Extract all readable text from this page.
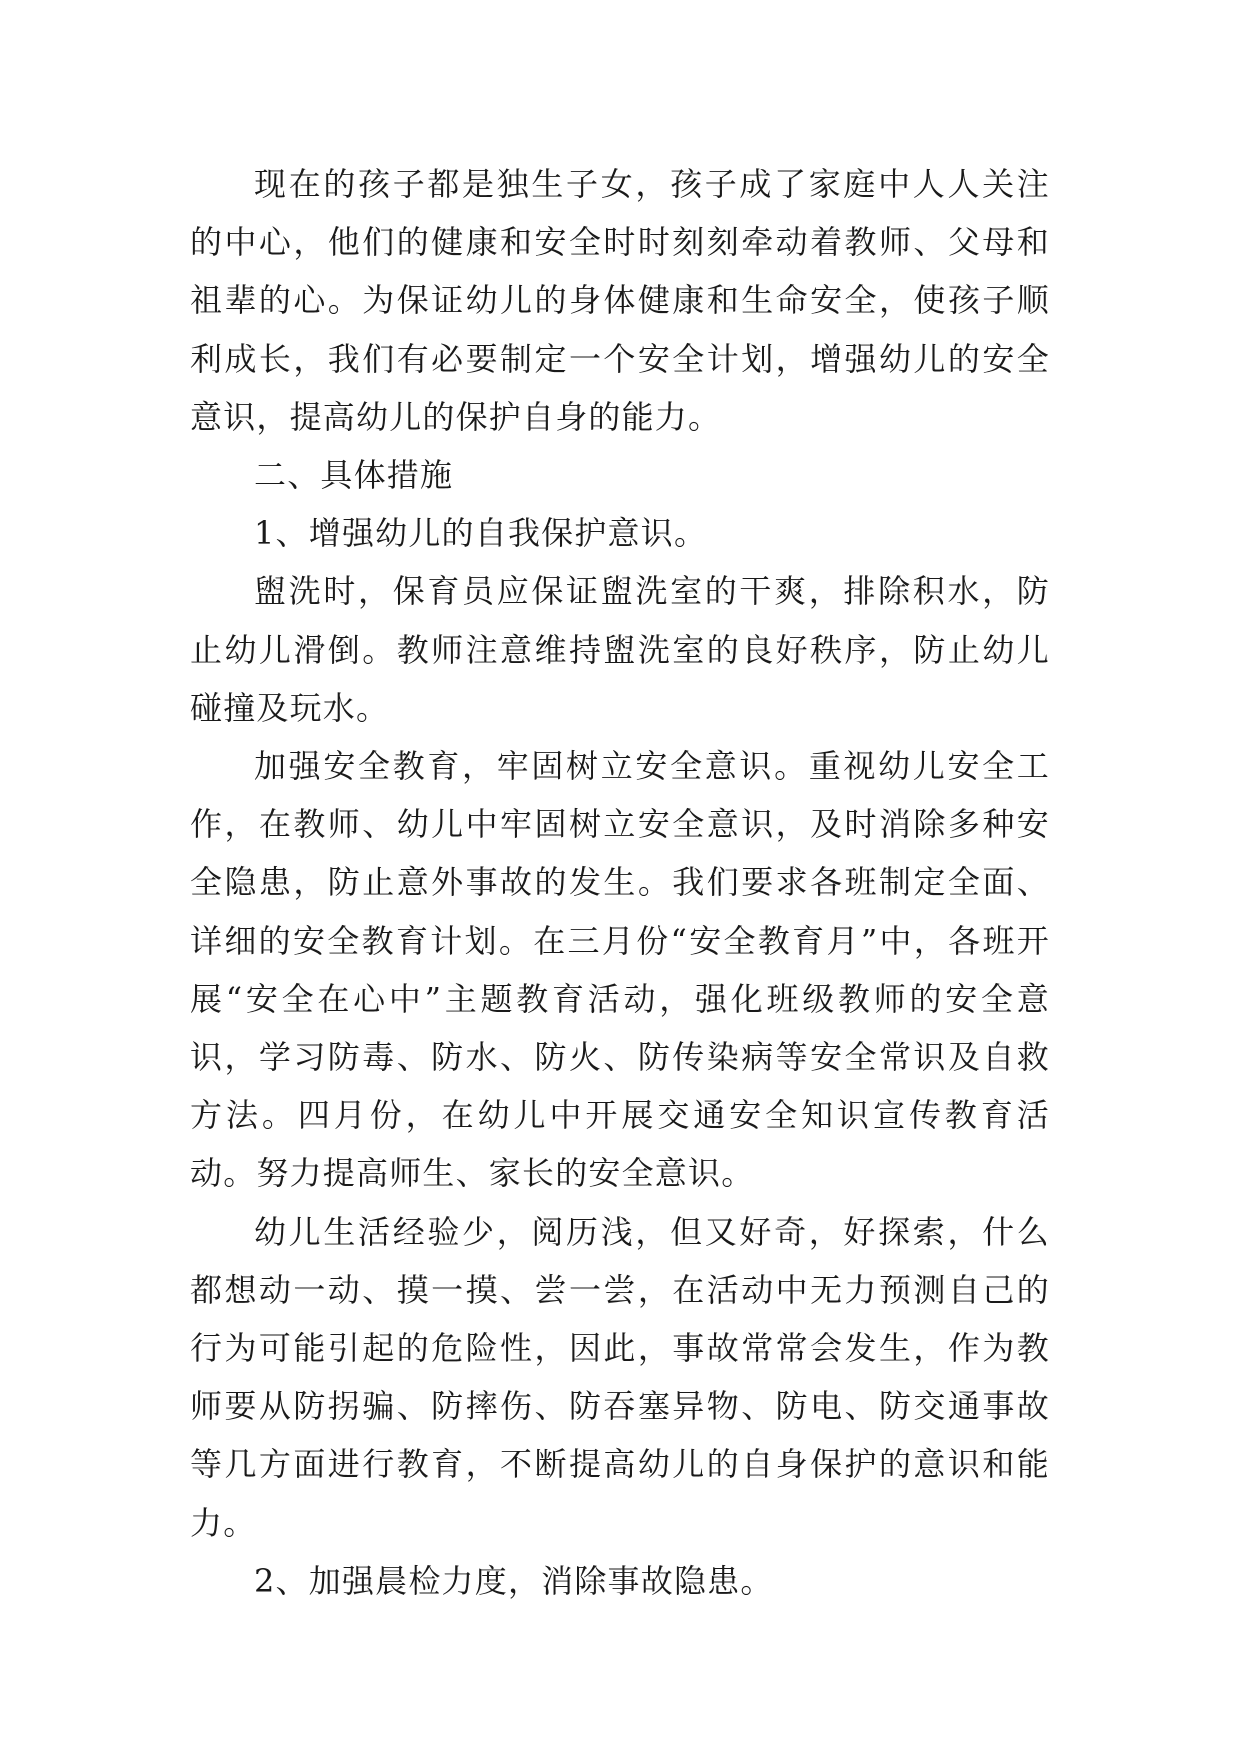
现在的孩子都是独生子女，孩子成了家庭中人人关注的中心，他们的健康和安全时时刻刻牵动着教师、父母和祖辈的心。为保证幼儿的身体健康和生命安全，使孩子顺利成长，我们有必要制定一个安全计划，增强幼儿的安全意识，提高幼儿的保护自身的能力。

二、具体措施

1、增强幼儿的自我保护意识。

盥洗时，保育员应保证盥洗室的干爽，排除积水，防止幼儿滑倒。教师注意维持盥洗室的良好秩序，防止幼儿碰撞及玩水。

加强安全教育，牢固树立安全意识。重视幼儿安全工作，在教师、幼儿中牢固树立安全意识，及时消除多种安全隐患，防止意外事故的发生。我们要求各班制定全面、详细的安全教育计划。在三月份“安全教育月”中，各班开展“安全在心中”主题教育活动，强化班级教师的安全意识，学习防毒、防水、防火、防传染病等安全常识及自救方法。四月份，在幼儿中开展交通安全知识宣传教育活动。努力提高师生、家长的安全意识。

幼儿生活经验少，阅历浅，但又好奇，好探索，什么都想动一动、摸一摸、尝一尝，在活动中无力预测自己的行为可能引起的危险性，因此，事故常常会发生，作为教师要从防拐骗、防摔伤、防吞塞异物、防电、防交通事故等几方面进行教育，不断提高幼儿的自身保护的意识和能力。

2、加强晨检力度，消除事故隐患。
